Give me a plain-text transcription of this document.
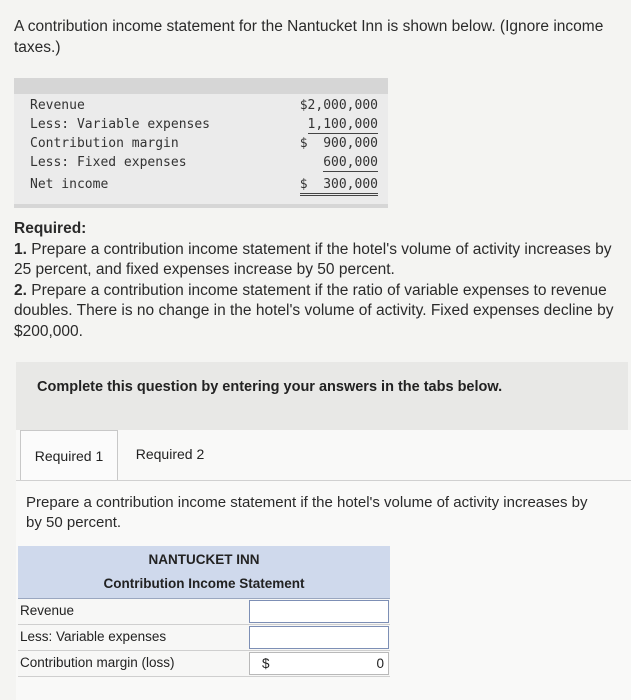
A contribution income statement for the Nantucket Inn is shown below. (Ignore income taxes.)
Revenue	$2,000,000
Less: Variable expenses	1,100,000
Contribution margin	$  900,000
Less: Fixed expenses	600,000
Net income	$  300,000
Required:
1. Prepare a contribution income statement if the hotel's volume of activity increases by 25 percent, and fixed expenses increase by 50 percent.
2. Prepare a contribution income statement if the ratio of variable expenses to revenue doubles. There is no change in the hotel's volume of activity. Fixed expenses decline by $200,000.
Complete this question by entering your answers in the tabs below.
Required 1	Required 2
Prepare a contribution income statement if the hotel's volume of activity increases by
by 50 percent.
NANTUCKET INN
Contribution Income Statement
Revenue
Less: Variable expenses
Contribution margin (loss)	$	0
